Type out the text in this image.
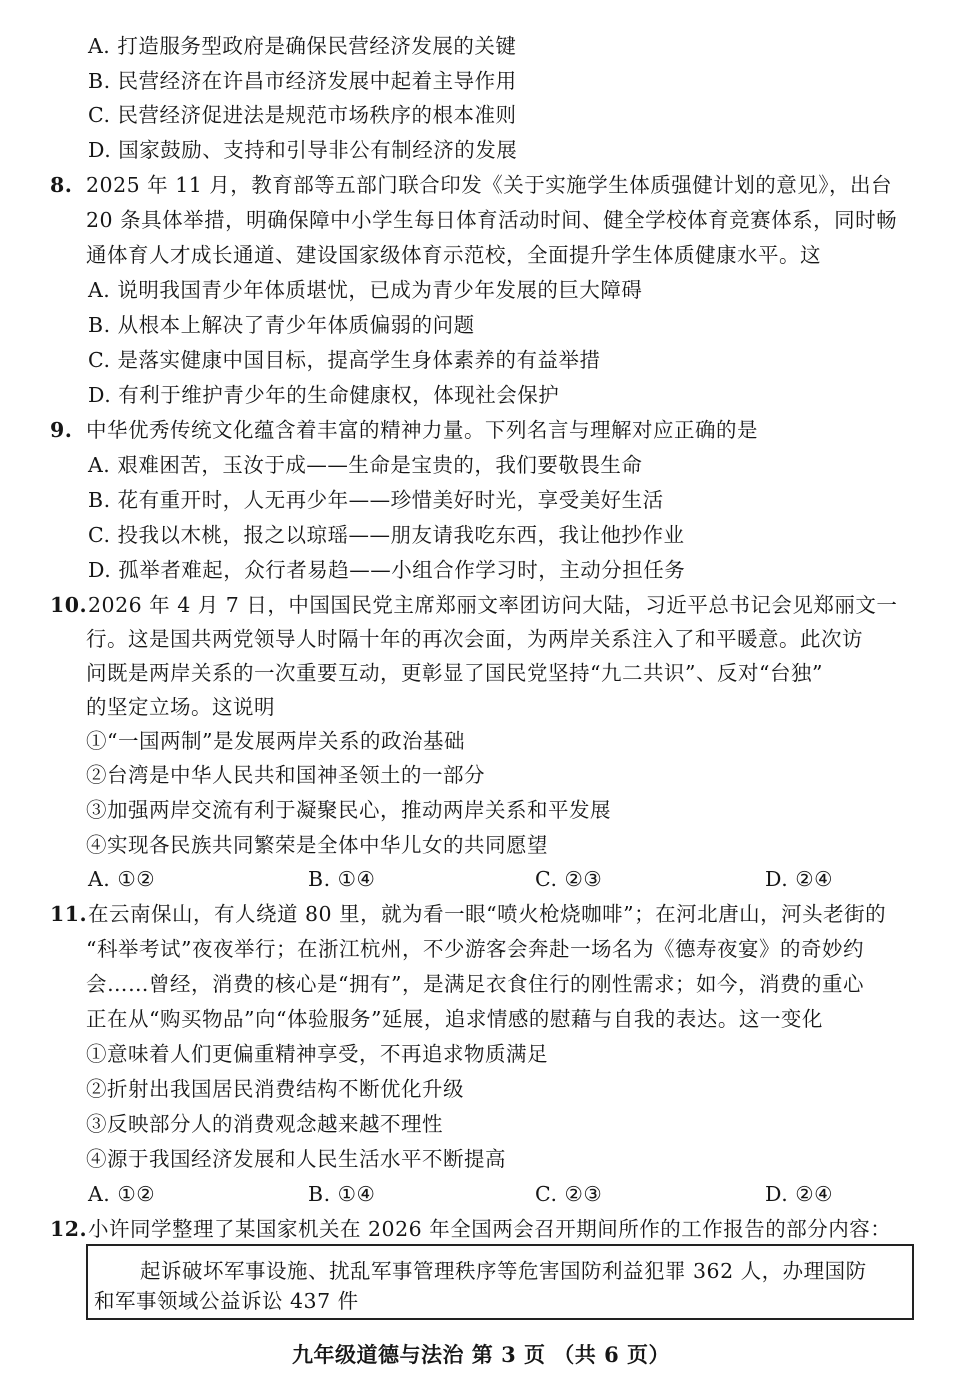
A. 打造服务型政府是确保民营经济发展的关键
B. 民营经济在许昌市经济发展中起着主导作用
C. 民营经济促进法是规范市场秩序的根本准则
D. 国家鼓励、支持和引导非公有制经济的发展
8. 2025 年 11 月，教育部等五部门联合印发《关于实施学生体质强健计划的意见》，出台
20 条具体举措，明确保障中小学生每日体育活动时间、健全学校体育竞赛体系，同时畅
通体育人才成长通道、建设国家级体育示范校，全面提升学生体质健康水平。这
A. 说明我国青少年体质堪忧，已成为青少年发展的巨大障碍
B. 从根本上解决了青少年体质偏弱的问题
C. 是落实健康中国目标，提高学生身体素养的有益举措
D. 有利于维护青少年的生命健康权，体现社会保护
9. 中华优秀传统文化蕴含着丰富的精神力量。下列名言与理解对应正确的是
A. 艰难困苦，玉汝于成——生命是宝贵的，我们要敬畏生命
B. 花有重开时，人无再少年——珍惜美好时光，享受美好生活
C. 投我以木桃，报之以琼瑶——朋友请我吃东西，我让他抄作业
D. 孤举者难起，众行者易趋——小组合作学习时，主动分担任务
10.2026 年 4 月 7 日，中国国民党主席郑丽文率团访问大陆，习近平总书记会见郑丽文一
行。这是国共两党领导人时隔十年的再次会面，为两岸关系注入了和平暖意。此次访
问既是两岸关系的一次重要互动，更彰显了国民党坚持“九二共识”、反对“台独”
的坚定立场。这说明
①“一国两制”是发展两岸关系的政治基础
②台湾是中华人民共和国神圣领土的一部分
③加强两岸交流有利于凝聚民心，推动两岸关系和平发展
④实现各民族共同繁荣是全体中华儿女的共同愿望
A. ①②	B. ①④	C. ②③	D. ②④
11.在云南保山，有人绕道 80 里，就为看一眼“喷火枪烧咖啡”；在河北唐山，河头老街的
“科举考试”夜夜举行；在浙江杭州，不少游客会奔赴一场名为《德寿夜宴》的奇妙约
会……曾经，消费的核心是“拥有”，是满足衣食住行的刚性需求；如今，消费的重心
正在从“购买物品”向“体验服务”延展，追求情感的慰藉与自我的表达。这一变化
①意味着人们更偏重精神享受，不再追求物质满足
②折射出我国居民消费结构不断优化升级
③反映部分人的消费观念越来越不理性
④源于我国经济发展和人民生活水平不断提高
A. ①②	B. ①④	C. ②③	D. ②④
12.小许同学整理了某国家机关在 2026 年全国两会召开期间所作的工作报告的部分内容：
起诉破坏军事设施、扰乱军事管理秩序等危害国防利益犯罪 362 人，办理国防
和军事领域公益诉讼 437 件
九年级道德与法治 第 3 页 （共 6 页）
